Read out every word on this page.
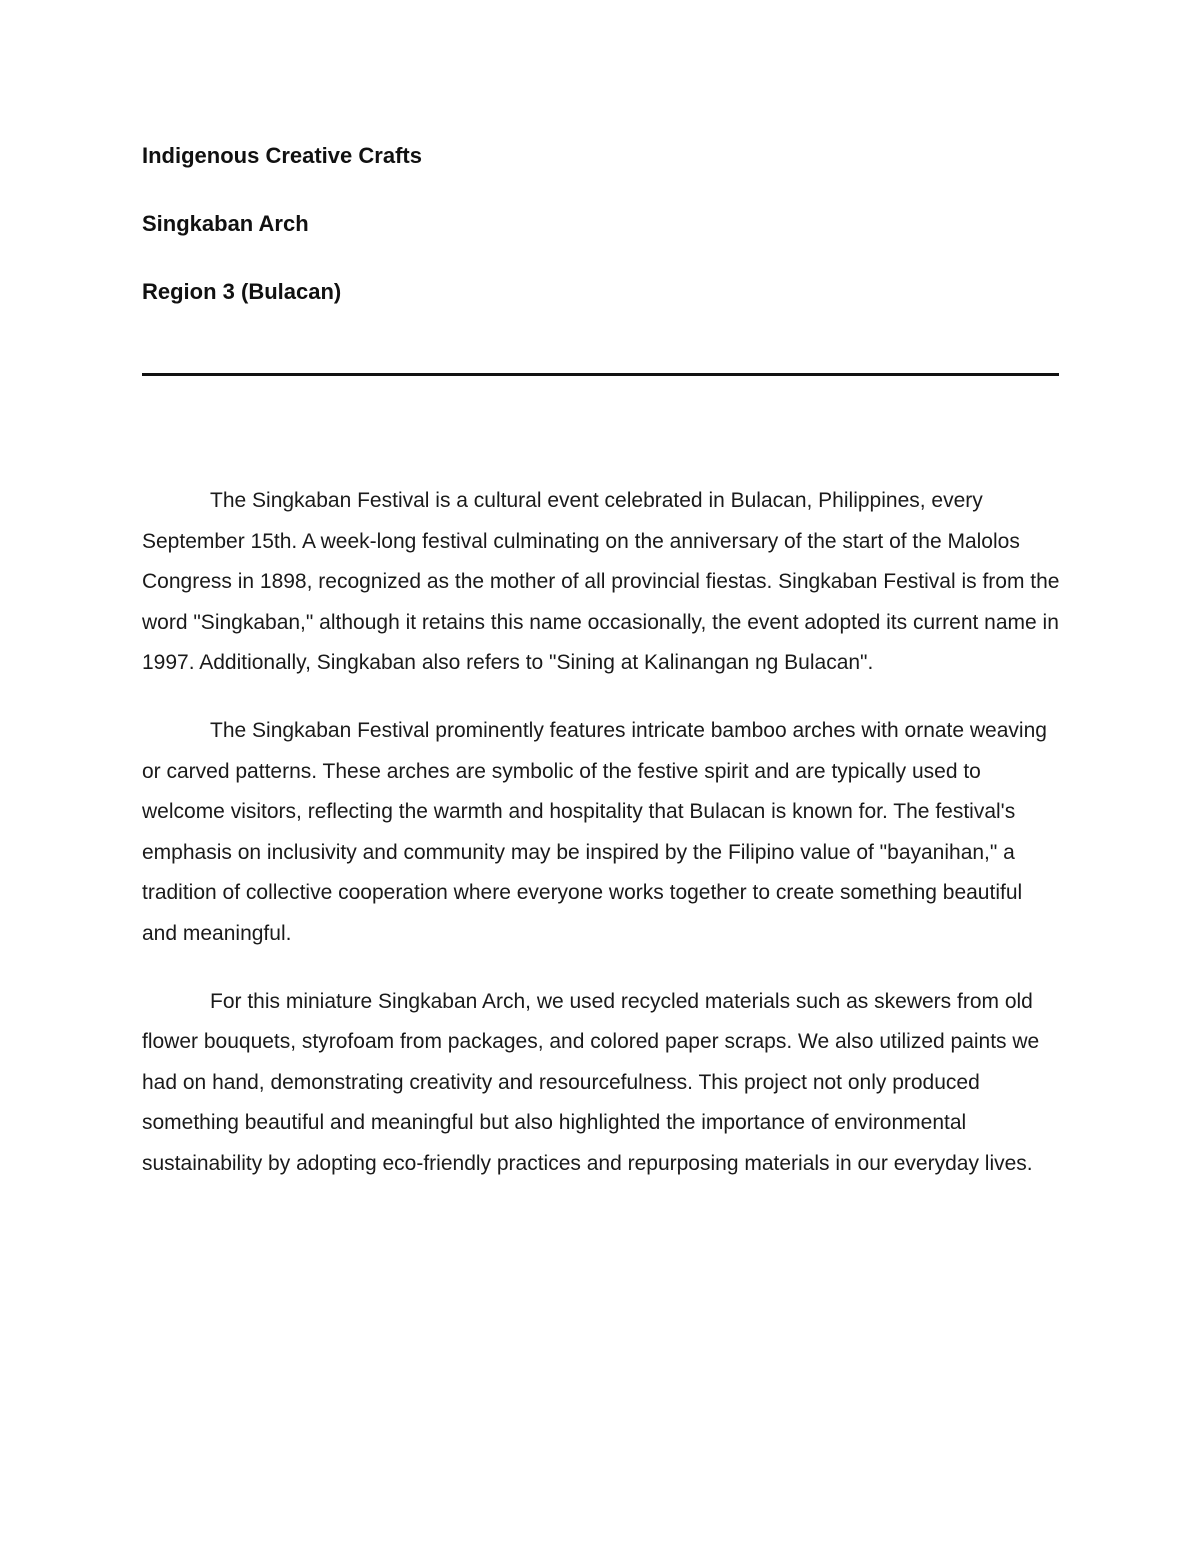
Indigenous Creative Crafts
Singkaban Arch
Region 3 (Bulacan)

The Singkaban Festival is a cultural event celebrated in Bulacan, Philippines, every September 15th. A week-long festival culminating on the anniversary of the start of the Malolos Congress in 1898, recognized as the mother of all provincial fiestas. Singkaban Festival is from the word "Singkaban," although it retains this name occasionally, the event adopted its current name in 1997. Additionally, Singkaban also refers to "Sining at Kalinangan ng Bulacan".

The Singkaban Festival prominently features intricate bamboo arches with ornate weaving or carved patterns. These arches are symbolic of the festive spirit and are typically used to welcome visitors, reflecting the warmth and hospitality that Bulacan is known for. The festival's emphasis on inclusivity and community may be inspired by the Filipino value of "bayanihan," a tradition of collective cooperation where everyone works together to create something beautiful and meaningful.

For this miniature Singkaban Arch, we used recycled materials such as skewers from old flower bouquets, styrofoam from packages, and colored paper scraps. We also utilized paints we had on hand, demonstrating creativity and resourcefulness. This project not only produced something beautiful and meaningful but also highlighted the importance of environmental sustainability by adopting eco-friendly practices and repurposing materials in our everyday lives.
